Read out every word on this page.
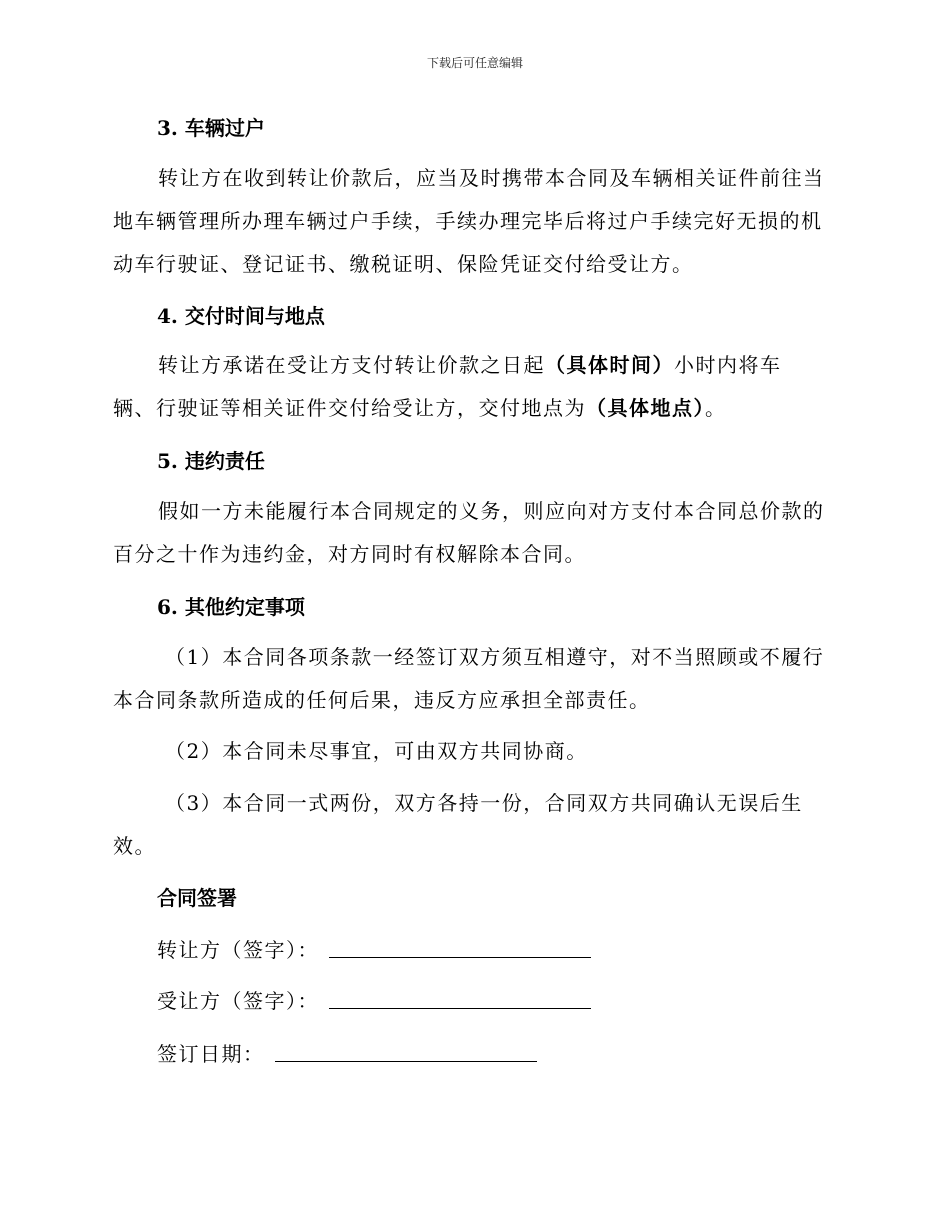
下载后可任意编辑
3. 车辆过户
转让方在收到转让价款后，应当及时携带本合同及车辆相关证件前往当
地车辆管理所办理车辆过户手续，手续办理完毕后将过户手续完好无损的机
动车行驶证、登记证书、缴税证明、保险凭证交付给受让方。
4. 交付时间与地点
转让方承诺在受让方支付转让价款之日起（具体时间）小时内将车
辆、行驶证等相关证件交付给受让方，交付地点为（具体地点）。
5. 违约责任
假如一方未能履行本合同规定的义务，则应向对方支付本合同总价款的
百分之十作为违约金，对方同时有权解除本合同。
6. 其他约定事项
（1）本合同各项条款一经签订双方须互相遵守，对不当照顾或不履行
本合同条款所造成的任何后果，违反方应承担全部责任。
（2）本合同未尽事宜，可由双方共同协商。
（3）本合同一式两份，双方各持一份，合同双方共同确认无误后生
效。
合同签署
转让方（签字）：
受让方（签字）：
签订日期：
